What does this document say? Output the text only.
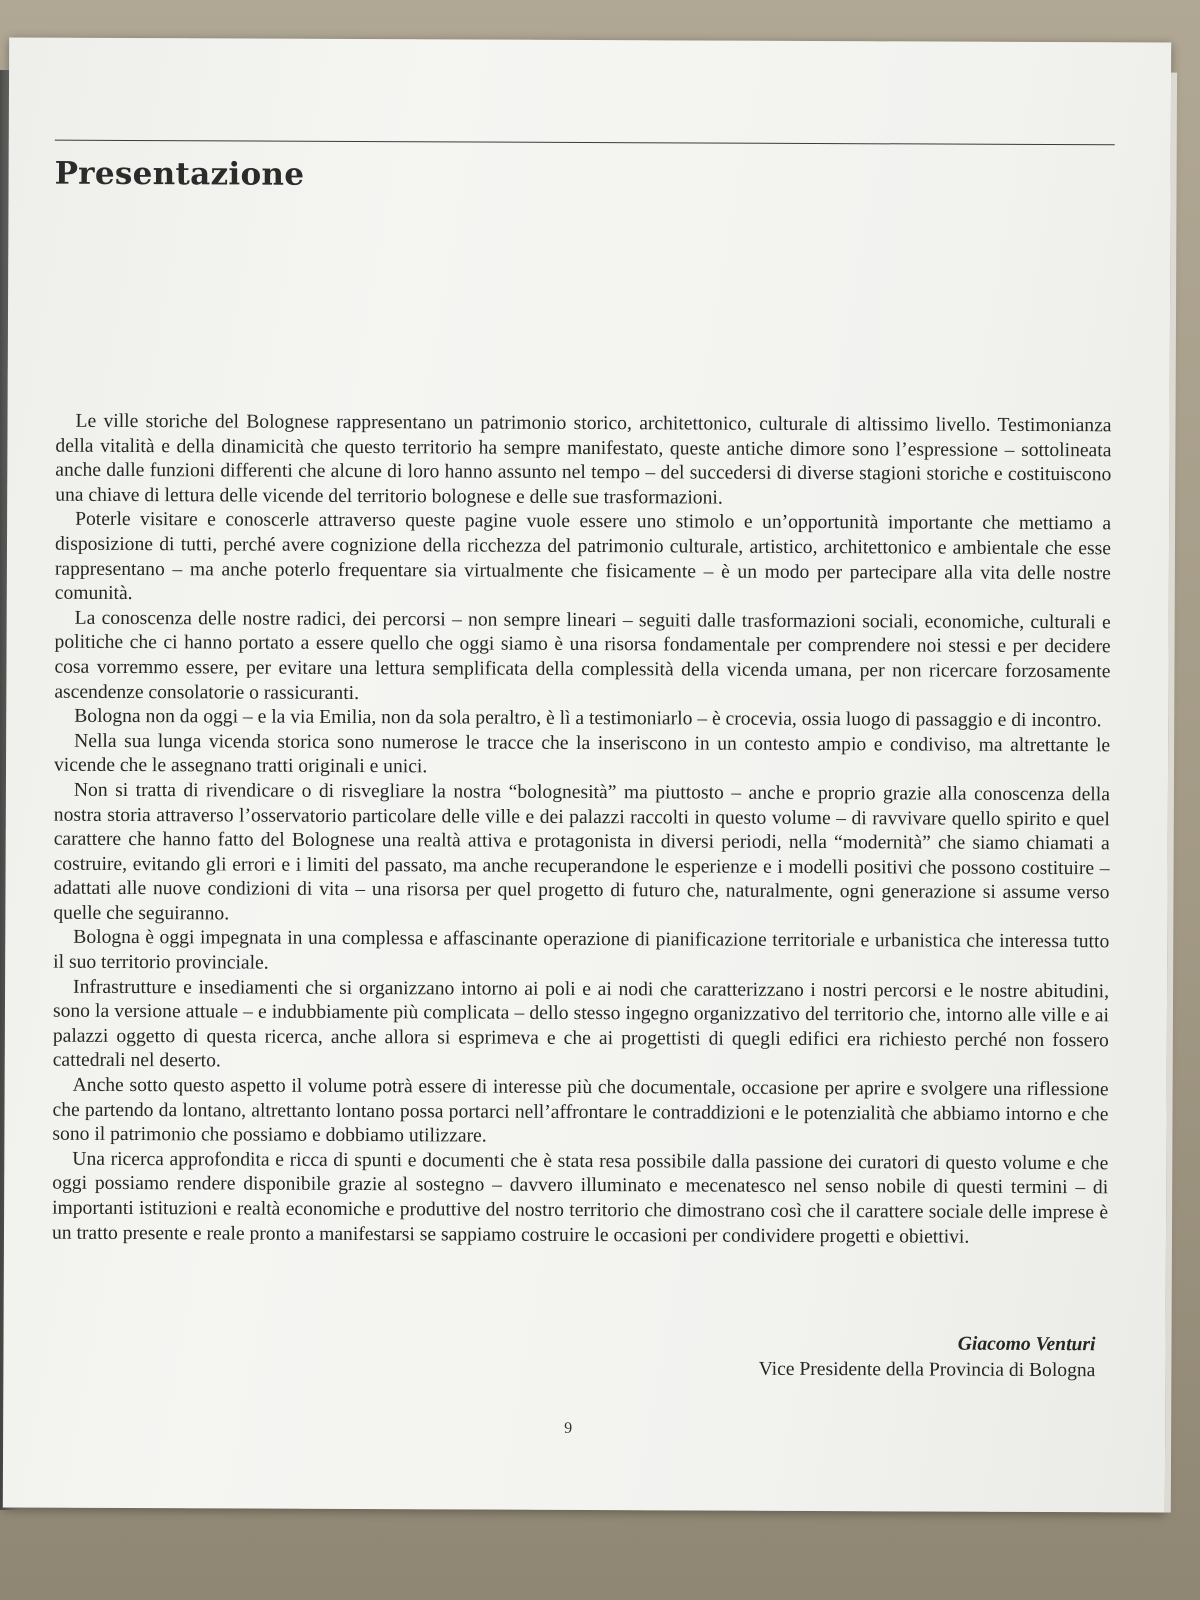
Presentazione

Le ville storiche del Bolognese rappresentano un patrimonio storico, architettonico, culturale di altissimo livello. Testimonianza della vitalità e della dinamicità che questo territorio ha sempre manifestato, queste antiche dimore sono l’espressione – sottolineata anche dalle funzioni differenti che alcune di loro hanno assunto nel tempo – del succedersi di diverse stagioni storiche e costituiscono una chiave di lettura delle vicende del territorio bolognese e delle sue trasformazioni.

Poterle visitare e conoscerle attraverso queste pagine vuole essere uno stimolo e un’opportunità importante che mettiamo a disposizione di tutti, perché avere cognizione della ricchezza del patrimonio culturale, artistico, architettonico e ambientale che esse rappresentano – ma anche poterlo frequentare sia virtualmente che fisicamente – è un modo per partecipare alla vita delle nostre comunità.

La conoscenza delle nostre radici, dei percorsi – non sempre lineari – seguiti dalle trasformazioni sociali, economiche, culturali e politiche che ci hanno portato a essere quello che oggi siamo è una risorsa fondamentale per comprendere noi stessi e per decidere cosa vorremmo essere, per evitare una lettura semplificata della complessità della vicenda umana, per non ricercare forzosamente ascendenze consolatorie o rassicuranti.

Bologna non da oggi – e la via Emilia, non da sola peraltro, è lì a testimoniarlo – è crocevia, ossia luogo di passaggio e di incontro.

Nella sua lunga vicenda storica sono numerose le tracce che la inseriscono in un contesto ampio e condiviso, ma altrettante le vicende che le assegnano tratti originali e unici.

Non si tratta di rivendicare o di risvegliare la nostra “bolognesità” ma piuttosto – anche e proprio grazie alla conoscenza della nostra storia attraverso l’osservatorio particolare delle ville e dei palazzi raccolti in questo volume – di ravvivare quello spirito e quel carattere che hanno fatto del Bolognese una realtà attiva e protagonista in diversi periodi, nella “modernità” che siamo chiamati a costruire, evitando gli errori e i limiti del passato, ma anche recuperandone le esperienze e i modelli positivi che possono costituire – adattati alle nuove condizioni di vita – una risorsa per quel progetto di futuro che, naturalmente, ogni generazione si assume verso quelle che seguiranno.

Bologna è oggi impegnata in una complessa e affascinante operazione di pianificazione territoriale e urbanistica che interessa tutto il suo territorio provinciale.

Infrastrutture e insediamenti che si organizzano intorno ai poli e ai nodi che caratterizzano i nostri percorsi e le nostre abitudini, sono la versione attuale – e indubbiamente più complicata – dello stesso ingegno organizzativo del territorio che, intorno alle ville e ai palazzi oggetto di questa ricerca, anche allora si esprimeva e che ai progettisti di quegli edifici era richiesto perché non fossero cattedrali nel deserto.

Anche sotto questo aspetto il volume potrà essere di interesse più che documentale, occasione per aprire e svolgere una riflessione che partendo da lontano, altrettanto lontano possa portarci nell’affrontare le contraddizioni e le potenzialità che abbiamo intorno e che sono il patrimonio che possiamo e dobbiamo utilizzare.

Una ricerca approfondita e ricca di spunti e documenti che è stata resa possibile dalla passione dei curatori di questo volume e che oggi possiamo rendere disponibile grazie al sostegno – davvero illuminato e mecenatesco nel senso nobile di questi termini – di importanti istituzioni e realtà economiche e produttive del nostro territorio che dimostrano così che il carattere sociale delle imprese è un tratto presente e reale pronto a manifestarsi se sappiamo costruire le occasioni per condividere progetti e obiettivi.

Giacomo Venturi
Vice Presidente della Provincia di Bologna
9
